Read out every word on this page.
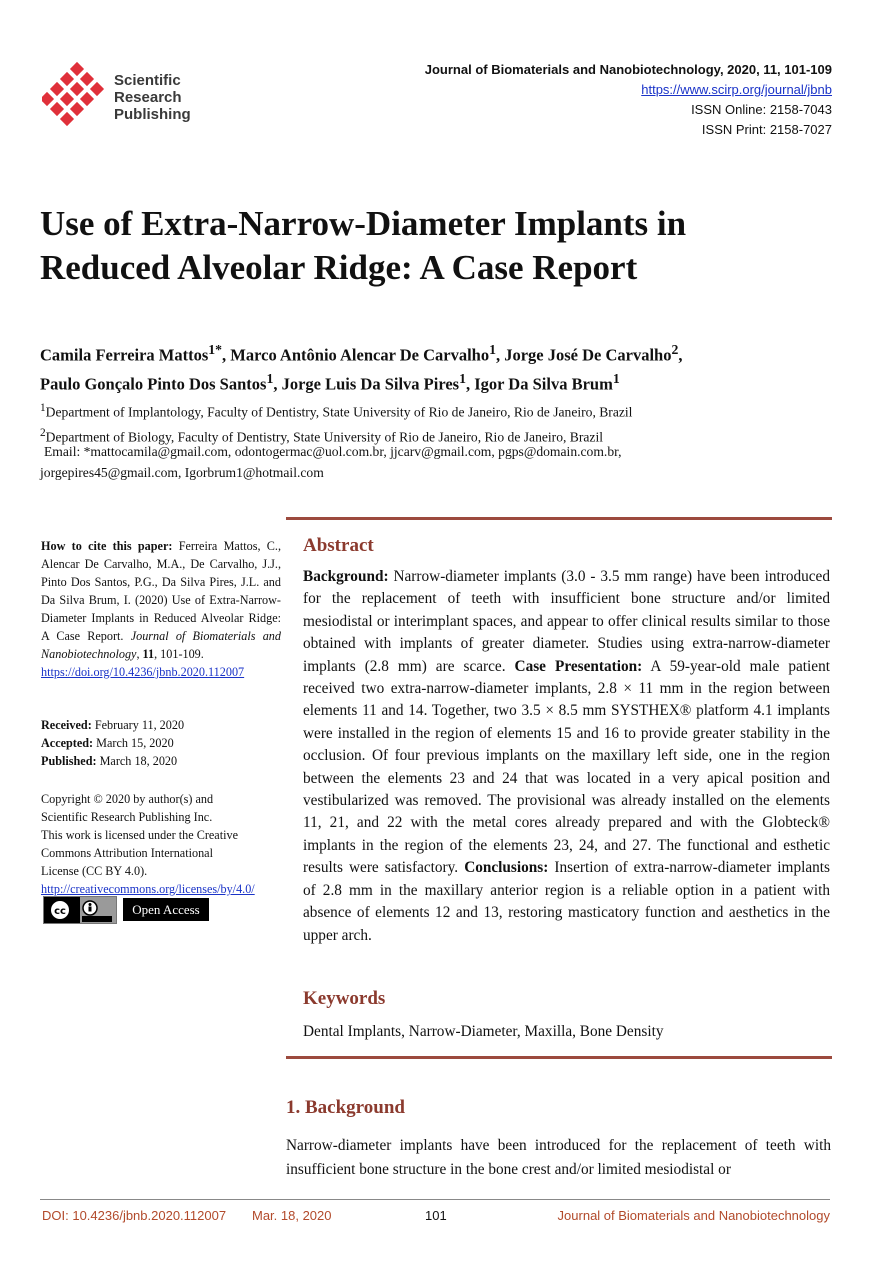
Scientific
Research
Publishing
Journal of Biomaterials and Nanobiotechnology, 2020, 11, 101-109
https://www.scirp.org/journal/jbnb
ISSN Online: 2158-7043
ISSN Print: 2158-7027
Use of Extra-Narrow-Diameter Implants in
Reduced Alveolar Ridge: A Case Report
Camila Ferreira Mattos$^{1*}$, Marco Antônio Alencar De Carvalho$^1$, Jorge José De Carvalho$^2$,
Paulo Gonçalo Pinto Dos Santos$^1$, Jorge Luis Da Silva Pires$^1$, Igor Da Silva Brum$^1$
$^1$Department of Implantology, Faculty of Dentistry, State University of Rio de Janeiro, Rio de Janeiro, Brazil
$^2$Department of Biology, Faculty of Dentistry, State University of Rio de Janeiro, Rio de Janeiro, Brazil
Email: *mattocamila@gmail.com, odontogermac@uol.com.br, jjcarv@gmail.com, pgps@domain.com.br,
jorgepires45@gmail.com, Igorbrum1@hotmail.com
How to cite this paper: Ferreira Mattos, C., Alencar De Carvalho, M.A., De Carvalho, J.J., Pinto Dos Santos, P.G., Da Silva Pires, J.L. and Da Silva Brum, I. (2020) Use of Extra-Narrow-Diameter Implants in Reduced Alveolar Ridge: A Case Report. Journal of Biomaterials and Nanobiotechnology, 11, 101-109.
https://doi.org/10.4236/jbnb.2020.112007
Received: February 11, 2020
Accepted: March 15, 2020
Published: March 18, 2020
Copyright © 2020 by author(s) and
Scientific Research Publishing Inc.
This work is licensed under the Creative
Commons Attribution International
License (CC BY 4.0).
http://creativecommons.org/licenses/by/4.0/
cc	Open Access
Abstract
Background: Narrow-diameter implants (3.0 - 3.5 mm range) have been introduced for the replacement of teeth with insufficient bone structure and/or limited mesiodistal or interimplant spaces, and appear to offer clinical results similar to those obtained with implants of greater diameter. Studies using extra-narrow-diameter implants (2.8 mm) are scarce. Case Presentation: A 59-year-old male patient received two extra-narrow-diameter implants, 2.8 × 11 mm in the region between elements 11 and 14. Together, two 3.5 × 8.5 mm SYSTHEX® platform 4.1 implants were installed in the region of elements 15 and 16 to provide greater stability in the occlusion. Of four previous implants on the maxillary left side, one in the region between the elements 23 and 24 that was located in a very apical position and vestibularized was removed. The provisional was already installed on the elements 11, 21, and 22 with the metal cores already prepared and with the Globteck® implants in the region of the elements 23, 24, and 27. The functional and esthetic results were satisfactory. Conclusions: Insertion of extra-narrow-diameter implants of 2.8 mm in the maxillary anterior region is a reliable option in a patient with absence of elements 12 and 13, restoring masticatory function and aesthetics in the upper arch.
Keywords
Dental Implants, Narrow-Diameter, Maxilla, Bone Density
1. Background
Narrow-diameter implants have been introduced for the replacement of teeth with insufficient bone structure in the bone crest and/or limited mesiodistal or
DOI: 10.4236/jbnb.2020.112007 Mar. 18, 2020	101	Journal of Biomaterials and Nanobiotechnology
